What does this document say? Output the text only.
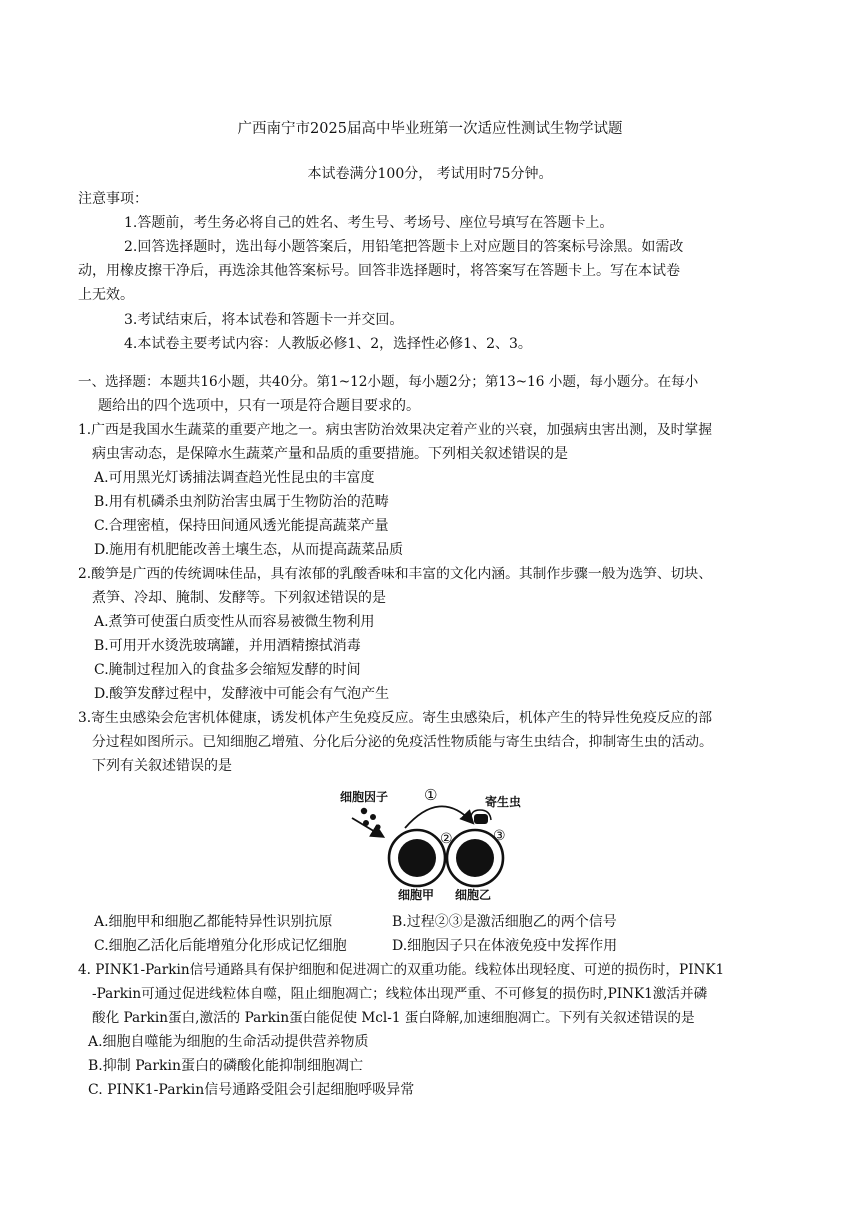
广西南宁市2025届高中毕业班第一次适应性测试生物学试题
本试卷满分100分， 考试用时75分钟。
注意事项：
1.答题前，考生务必将自己的姓名、考生号、考场号、座位号填写在答题卡上。
2.回答选择题时，选出每小题答案后，用铅笔把答题卡上对应题目的答案标号涂黑。如需改
动，用橡皮擦干净后，再选涂其他答案标号。回答非选择题时，将答案写在答题卡上。写在本试卷
上无效。
3.考试结束后，将本试卷和答题卡一并交回。
4.本试卷主要考试内容：人教版必修1、2，选择性必修1、2、3。
一、选择题：本题共16小题，共40分。第1~12小题，每小题2分；第13~16 小题，每小题分。在每小
题给出的四个选项中，只有一项是符合题目要求的。
1.广西是我国水生蔬菜的重要产地之一。病虫害防治效果决定着产业的兴衰，加强病虫害出测，及时掌握
病虫害动态，是保障水生蔬菜产量和品质的重要措施。下列相关叙述错误的是
A.可用黑光灯诱捕法调查趋光性昆虫的丰富度
B.用有机磷杀虫剂防治害虫属于生物防治的范畴
C.合理密植，保持田间通风透光能提高蔬菜产量
D.施用有机肥能改善土壤生态，从而提高蔬菜品质
2.酸笋是广西的传统调味佳品，具有浓郁的乳酸香味和丰富的文化内涵。其制作步骤一般为选笋、切块、
煮笋、冷却、腌制、发酵等。下列叙述错误的是
A.煮笋可使蛋白质变性从而容易被微生物利用
B.可用开水烫洗玻璃罐，并用酒精擦拭消毒
C.腌制过程加入的食盐多会缩短发酵的时间
D.酸笋发酵过程中，发酵液中可能会有气泡产生
3.寄生虫感染会危害机体健康，诱发机体产生免疫反应。寄生虫感染后，机体产生的特异性免疫反应的部
分过程如图所示。已知细胞乙增殖、分化后分泌的免疫活性物质能与寄生虫结合，抑制寄生虫的活动。
下列有关叙述错误的是
细胞因子 ①	寄生虫
②	③
细胞甲 细胞乙
A.细胞甲和细胞乙都能特异性识别抗原	B.过程②③是激活细胞乙的两个信号
C.细胞乙活化后能增殖分化形成记忆细胞	D.细胞因子只在体液免疫中发挥作用
4. PINK1-Parkin信号通路具有保护细胞和促进凋亡的双重功能。线粒体出现轻度、可逆的损伤时，PINK1
-Parkin可通过促进线粒体自噬，阻止细胞凋亡；线粒体出现严重、不可修复的损伤时,PINK1激活并磷
酸化 Parkin蛋白,激活的 Parkin蛋白能促使 Mcl-1 蛋白降解,加速细胞凋亡。下列有关叙述错误的是
A.细胞自噬能为细胞的生命活动提供营养物质
B.抑制 Parkin蛋白的磷酸化能抑制细胞凋亡
C. PINK1-Parkin信号通路受阻会引起细胞呼吸异常
